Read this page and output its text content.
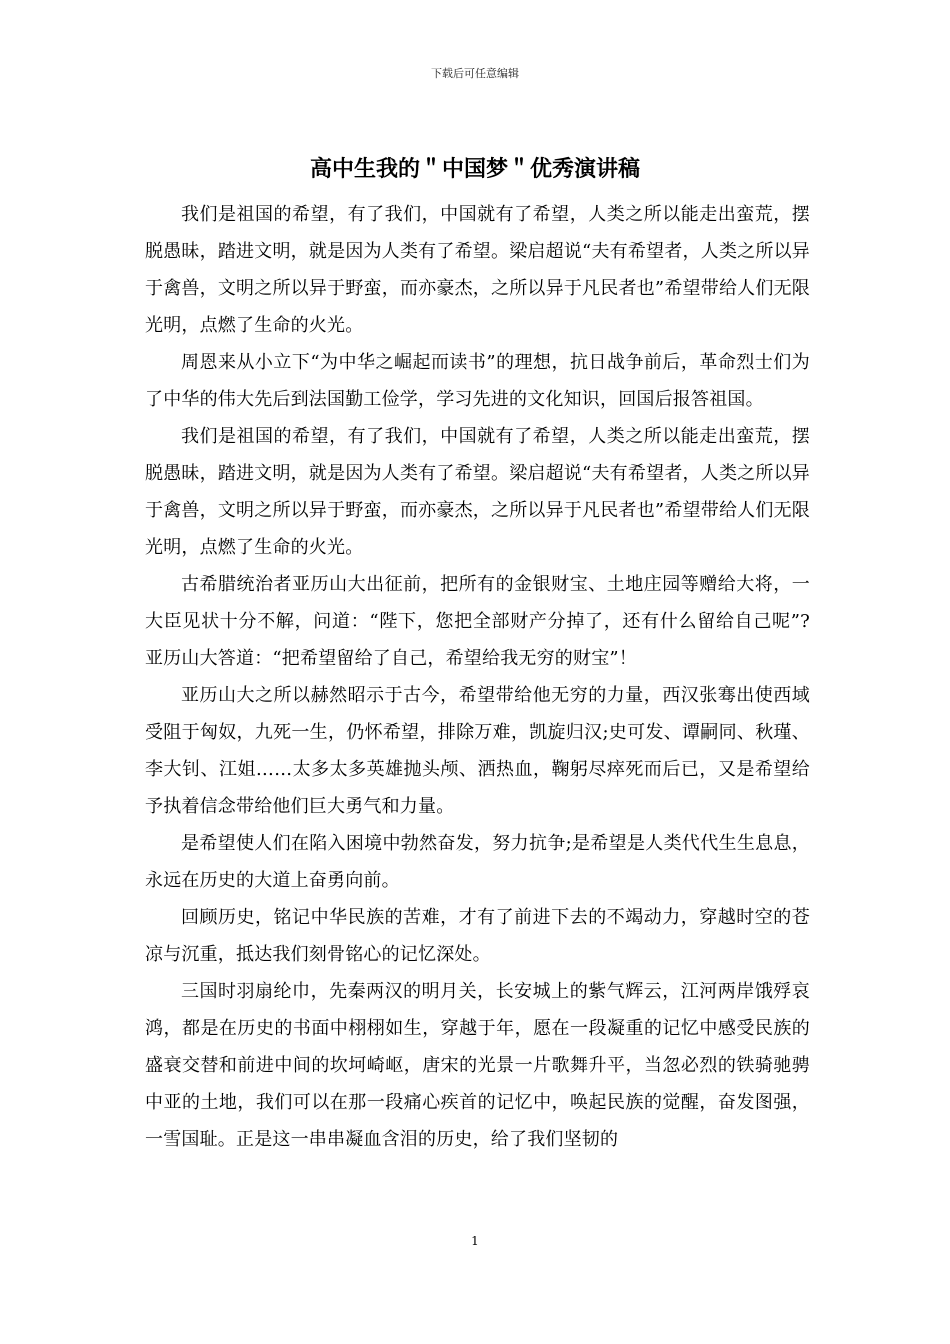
下载后可任意编辑
高中生我的＂中国梦＂优秀演讲稿

我们是祖国的希望，有了我们，中国就有了希望，人类之所以能走出蛮荒，摆脱愚昧，踏进文明，就是因为人类有了希望。梁启超说“夫有希望者，人类之所以异于禽兽，文明之所以异于野蛮，而亦豪杰，之所以异于凡民者也”希望带给人们无限光明，点燃了生命的火光。

周恩来从小立下“为中华之崛起而读书”的理想，抗日战争前后，革命烈士们为了中华的伟大先后到法国勤工俭学，学习先进的文化知识，回国后报答祖国。

我们是祖国的希望，有了我们，中国就有了希望，人类之所以能走出蛮荒，摆脱愚昧，踏进文明，就是因为人类有了希望。梁启超说“夫有希望者，人类之所以异于禽兽，文明之所以异于野蛮，而亦豪杰，之所以异于凡民者也”希望带给人们无限光明，点燃了生命的火光。

古希腊统治者亚历山大出征前，把所有的金银财宝、土地庄园等赠给大将，一大臣见状十分不解，问道：“陛下，您把全部财产分掉了，还有什么留给自己呢”?亚历山大答道：“把希望留给了自己，希望给我无穷的财宝”！

亚历山大之所以赫然昭示于古今，希望带给他无穷的力量，西汉张骞出使西域受阻于匈奴，九死一生，仍怀希望，排除万难，凯旋归汉;史可发、谭嗣同、秋瑾、李大钊、江姐……太多太多英雄抛头颅、洒热血，鞠躬尽瘁死而后已，又是希望给予执着信念带给他们巨大勇气和力量。

是希望使人们在陷入困境中勃然奋发，努力抗争;是希望是人类代代生生息息，永远在历史的大道上奋勇向前。

回顾历史，铭记中华民族的苦难，才有了前进下去的不竭动力，穿越时空的苍凉与沉重，抵达我们刻骨铭心的记忆深处。

三国时羽扇纶巾，先秦两汉的明月关，长安城上的紫气辉云，江河两岸饿殍哀鸿，都是在历史的书面中栩栩如生，穿越于年，愿在一段凝重的记忆中感受民族的盛衰交替和前进中间的坎坷崎岖，唐宋的光景一片歌舞升平，当忽必烈的铁骑驰骋中亚的土地，我们可以在那一段痛心疾首的记忆中，唤起民族的觉醒，奋发图强，一雪国耻。正是这一串串凝血含泪的历史，给了我们坚韧的

1
